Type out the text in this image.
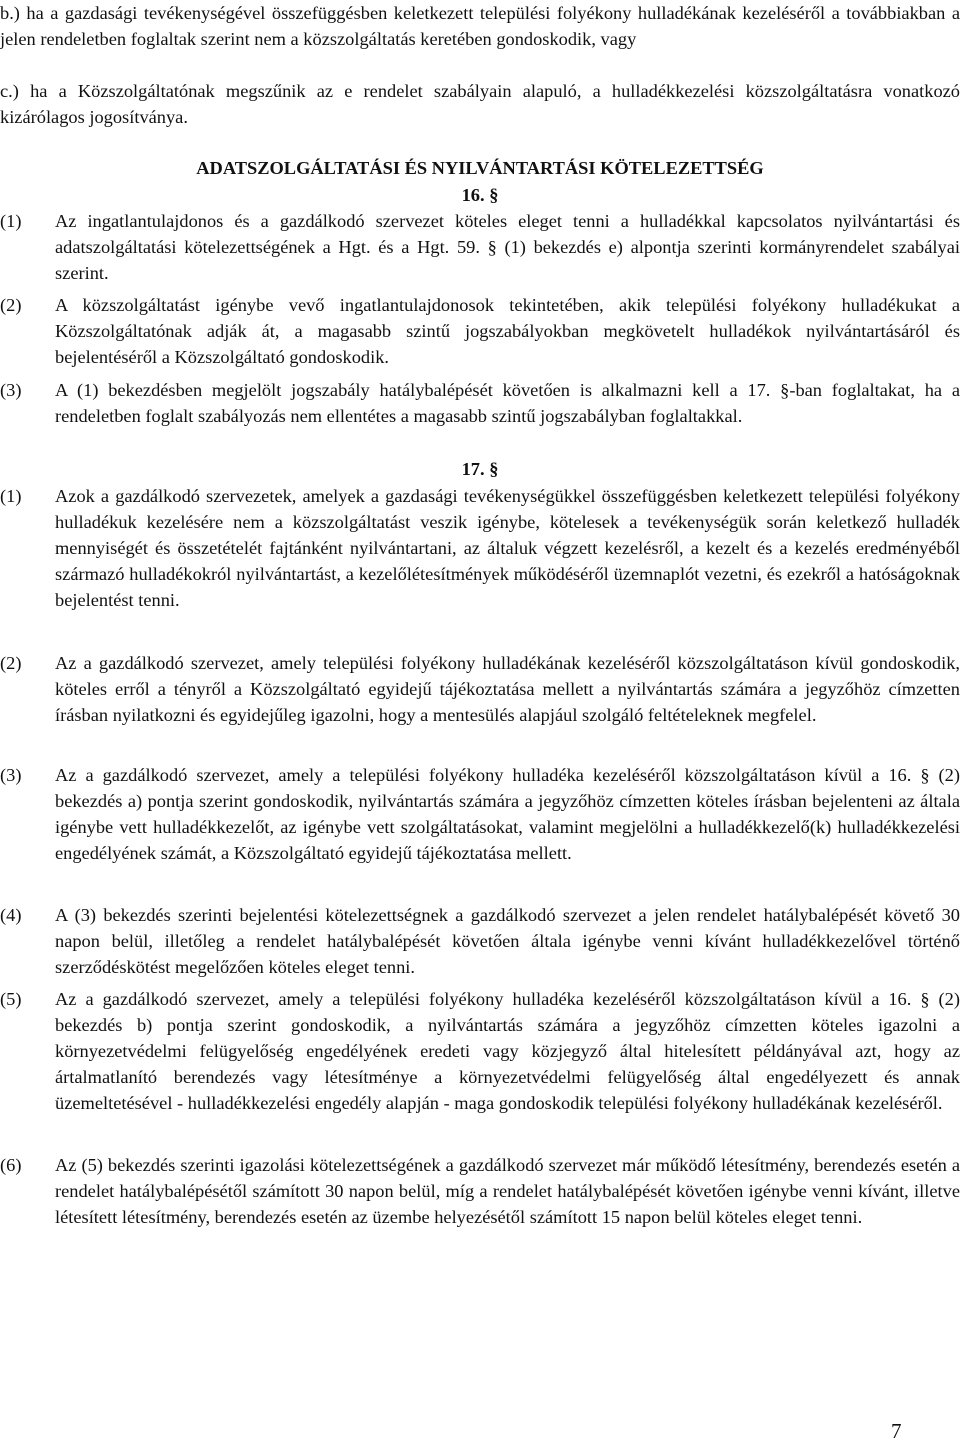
b.) ha a gazdasági tevékenységével összefüggésben keletkezett települési folyékony hulladékának kezeléséről a továbbiakban a jelen rendeletben foglaltak szerint nem a közszolgáltatás keretében gondoskodik, vagy
c.) ha a Közszolgáltatónak megszűnik az e rendelet szabályain alapuló, a hulladékkezelési közszolgáltatásra vonatkozó kizárólagos jogosítványa.
ADATSZOLGÁLTATÁSI ÉS NYILVÁNTARTÁSI KÖTELEZETTSÉG
16. §
(1) Az ingatlantulajdonos és a gazdálkodó szervezet köteles eleget tenni a hulladékkal kapcsolatos nyilvántartási és adatszolgáltatási kötelezettségének a Hgt. és a Hgt. 59. § (1) bekezdés e) alpontja szerinti kormányrendelet szabályai szerint.
(2) A közszolgáltatást igénybe vevő ingatlantulajdonosok tekintetében, akik települési folyékony hulladékukat a Közszolgáltatónak adják át, a magasabb szintű jogszabályokban megkövetelt hulladékok nyilvántartásáról és bejelentéséről a Közszolgáltató gondoskodik.
(3) A (1) bekezdésben megjelölt jogszabály hatálybalépését követően is alkalmazni kell a 17. §-ban foglaltakat, ha a rendeletben foglalt szabályozás nem ellentétes a magasabb szintű jogszabályban foglaltakkal.
17. §
(1) Azok a gazdálkodó szervezetek, amelyek a gazdasági tevékenységükkel összefüggésben keletkezett települési folyékony hulladékuk kezelésére nem a közszolgáltatást veszik igénybe, kötelesek a tevékenységük során keletkező hulladék mennyiségét és összetételét fajtánként nyilvántartani, az általuk végzett kezelésről, a kezelt és a kezelés eredményéből származó hulladékokról nyilvántartást, a kezelőlétesítmények működéséről üzemnaplót vezetni, és ezekről a hatóságoknak bejelentést tenni.
(2) Az a gazdálkodó szervezet, amely települési folyékony hulladékának kezeléséről közszolgáltatáson kívül gondoskodik, köteles erről a tényről a Közszolgáltató egyidejű tájékoztatása mellett a nyilvántartás számára a jegyzőhöz címzetten írásban nyilatkozni és egyidejűleg igazolni, hogy a mentesülés alapjául szolgáló feltételeknek megfelel.
(3) Az a gazdálkodó szervezet, amely a települési folyékony hulladéka kezeléséről közszolgáltatáson kívül a 16. § (2) bekezdés a) pontja szerint gondoskodik, nyilvántartás számára a jegyzőhöz címzetten köteles írásban bejelenteni az általa igénybe vett hulladékkezelőt, az igénybe vett szolgáltatásokat, valamint megjelölni a hulladékkezelő(k) hulladékkezelési engedélyének számát, a Közszolgáltató egyidejű tájékoztatása mellett.
(4) A (3) bekezdés szerinti bejelentési kötelezettségnek a gazdálkodó szervezet a jelen rendelet hatálybalépését követő 30 napon belül, illetőleg a rendelet hatálybalépését követően általa igénybe venni kívánt hulladékkezelővel történő szerződéskötést megelőzően köteles eleget tenni.
(5) Az a gazdálkodó szervezet, amely a települési folyékony hulladéka kezeléséről közszolgáltatáson kívül a 16. § (2) bekezdés b) pontja szerint gondoskodik, a nyilvántartás számára a jegyzőhöz címzetten köteles igazolni a környezetvédelmi felügyelőség engedélyének eredeti vagy közjegyző által hitelesített példányával azt, hogy az ártalmatlanító berendezés vagy létesítménye a környezetvédelmi felügyelőség által engedélyezett és annak üzemeltetésével - hulladékkezelési engedély alapján - maga gondoskodik települési folyékony hulladékának kezeléséről.
(6) Az (5) bekezdés szerinti igazolási kötelezettségének a gazdálkodó szervezet már működő létesítmény, berendezés esetén a rendelet hatálybalépésétől számított 30 napon belül, míg a rendelet hatálybalépését követően igénybe venni kívánt, illetve létesített létesítmény, berendezés esetén az üzembe helyezésétől számított 15 napon belül köteles eleget tenni.
7
